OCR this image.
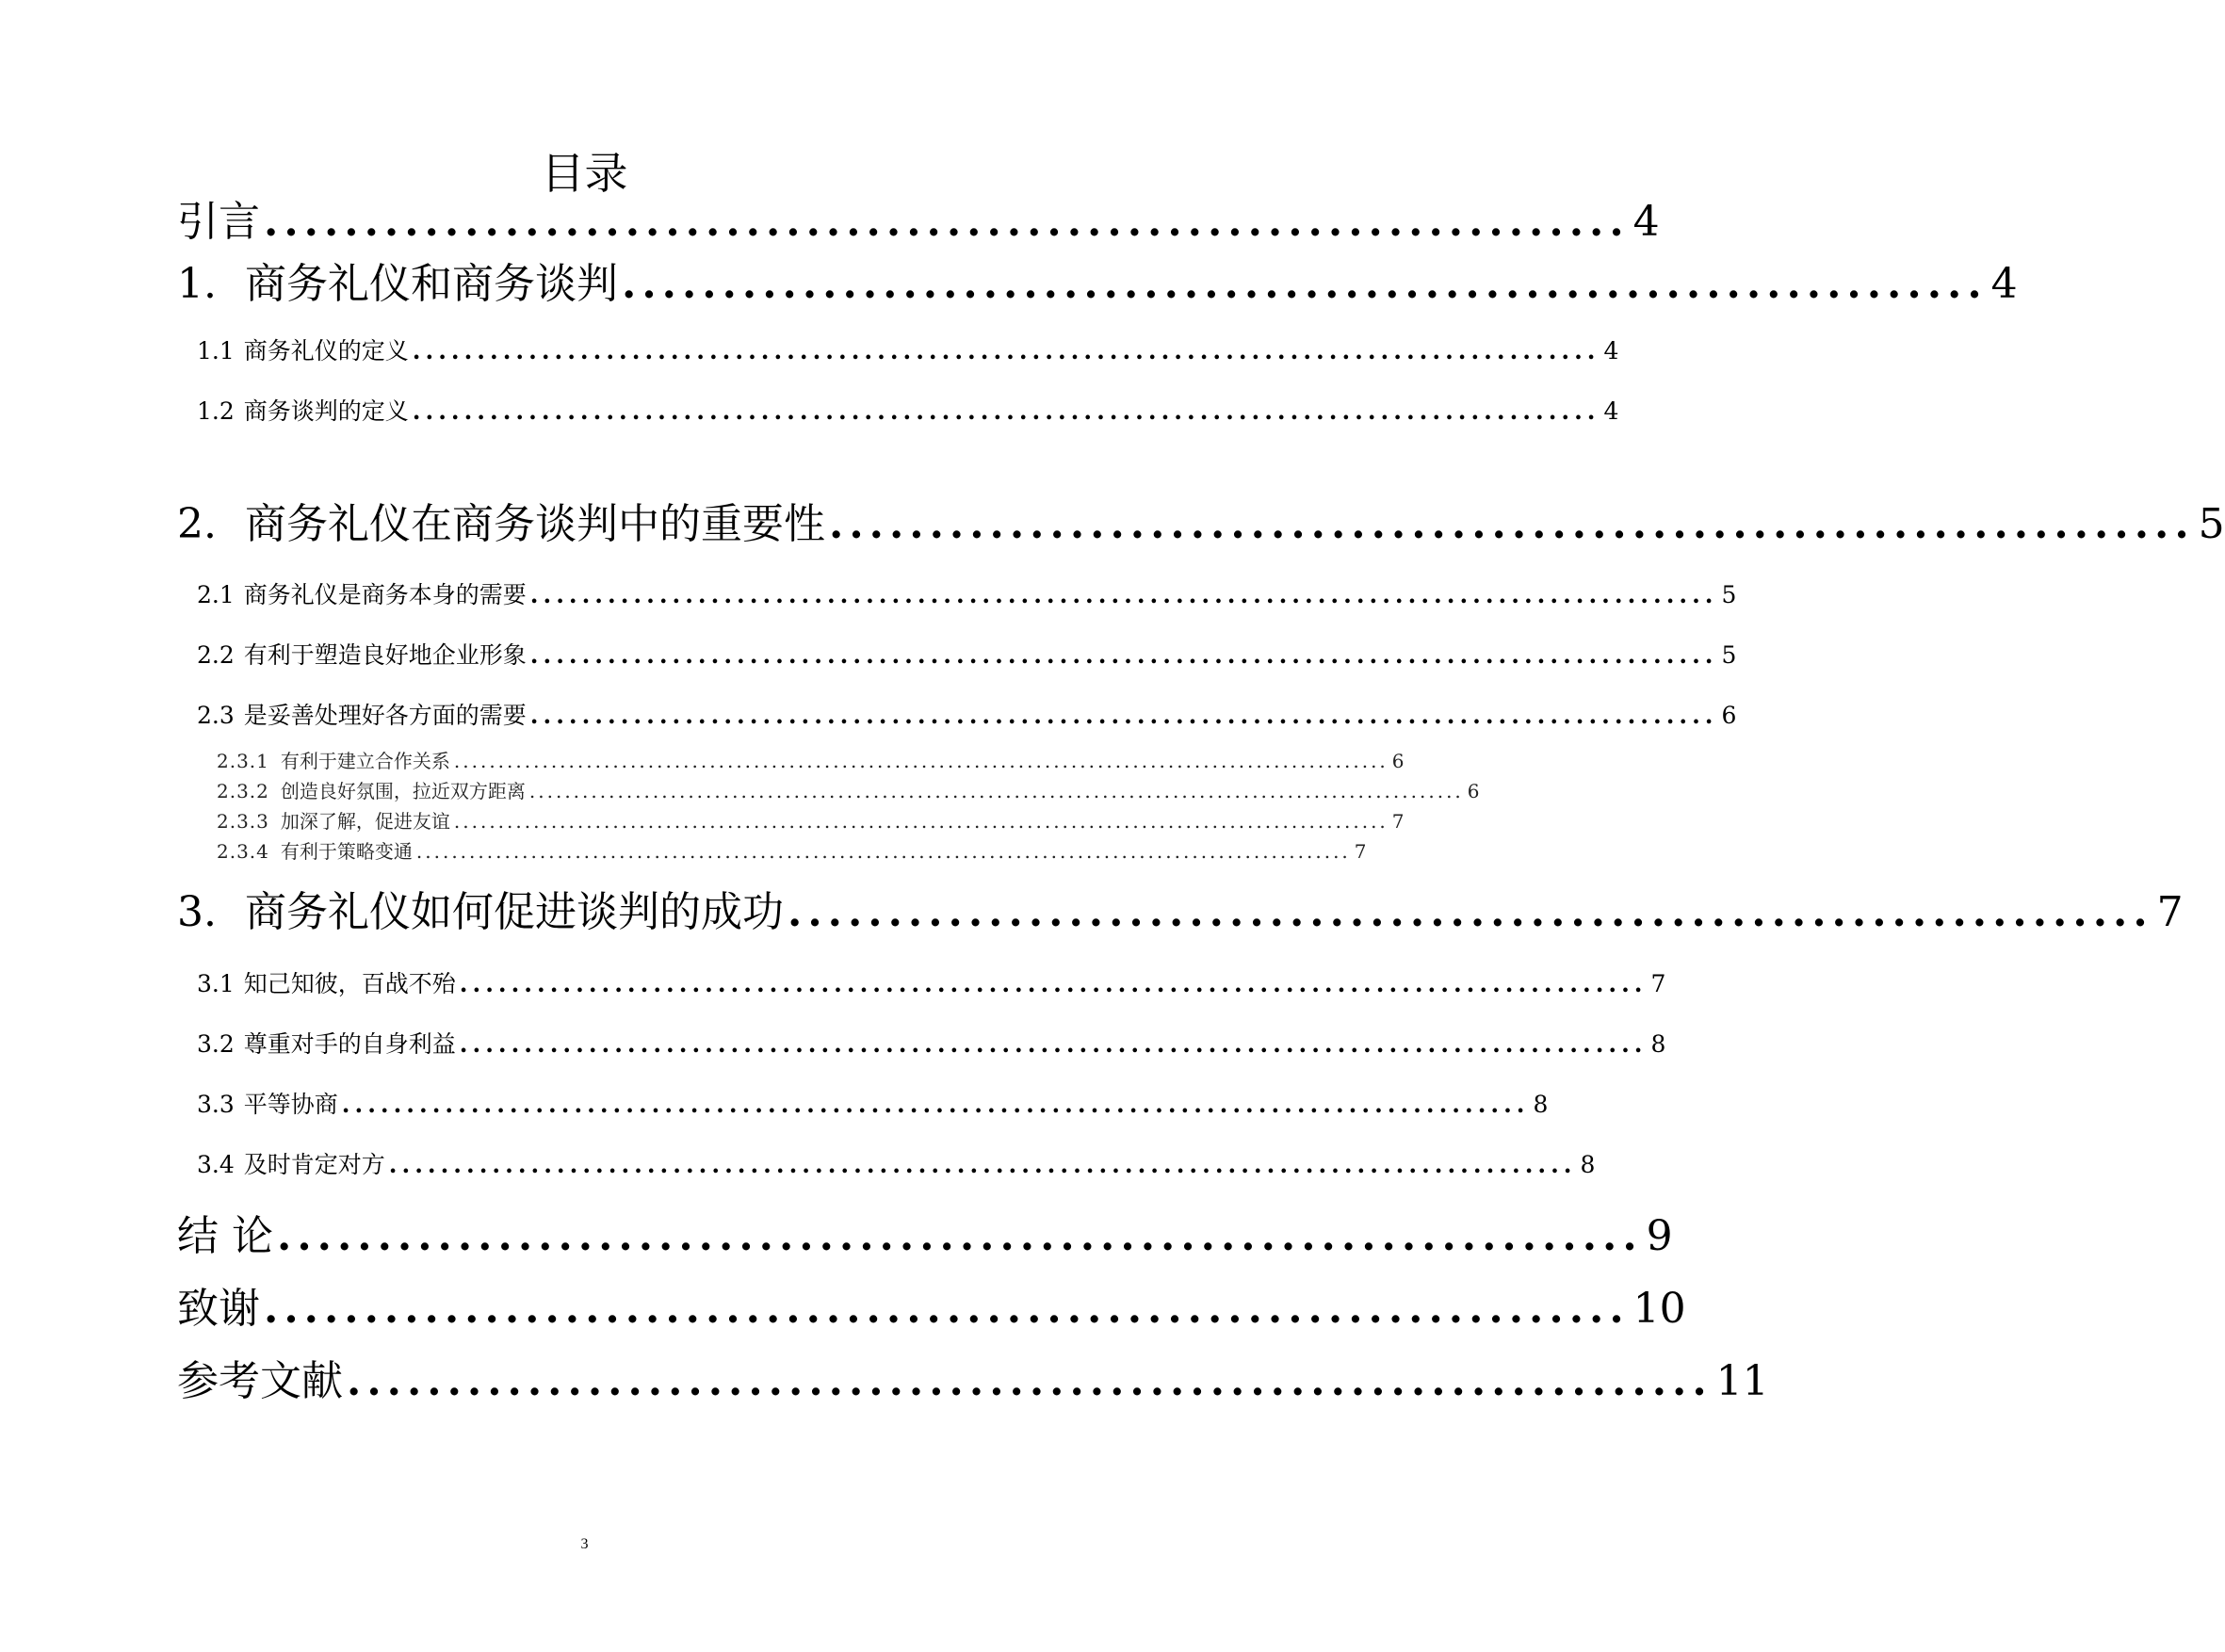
目录
引言 .................................................................... 4
1. 商务礼仪和商务谈判 .................................................................... 4
1.1 商务礼仪的定义 ............................................................................................ 4
1.2 商务谈判的定义 ............................................................................................ 4
2. 商务礼仪在商务谈判中的重要性 .................................................................... 5
2.1 商务礼仪是商务本身的需要 ............................................................................................ 5
2.2 有利于塑造良好地企业形象 ............................................................................................ 5
2.3 是妥善处理好各方面的需要 ............................................................................................ 6
2.3.1 有利于建立合作关系 .......................................................................................................... 6
2.3.2 创造良好氛围，拉近双方距离 .......................................................................................................... 6
2.3.3 加深了解，促进友谊 .......................................................................................................... 7
2.3.4 有利于策略变通 .......................................................................................................... 7
3. 商务礼仪如何促进谈判的成功 .................................................................... 7
3.1 知己知彼，百战不殆 ............................................................................................ 7
3.2 尊重对手的自身利益 ............................................................................................ 8
3.3 平等协商 ............................................................................................ 8
3.4 及时肯定对方 ............................................................................................ 8
结 论 .................................................................... 9
致谢 .................................................................... 10
参考文献 .................................................................... 11
3
